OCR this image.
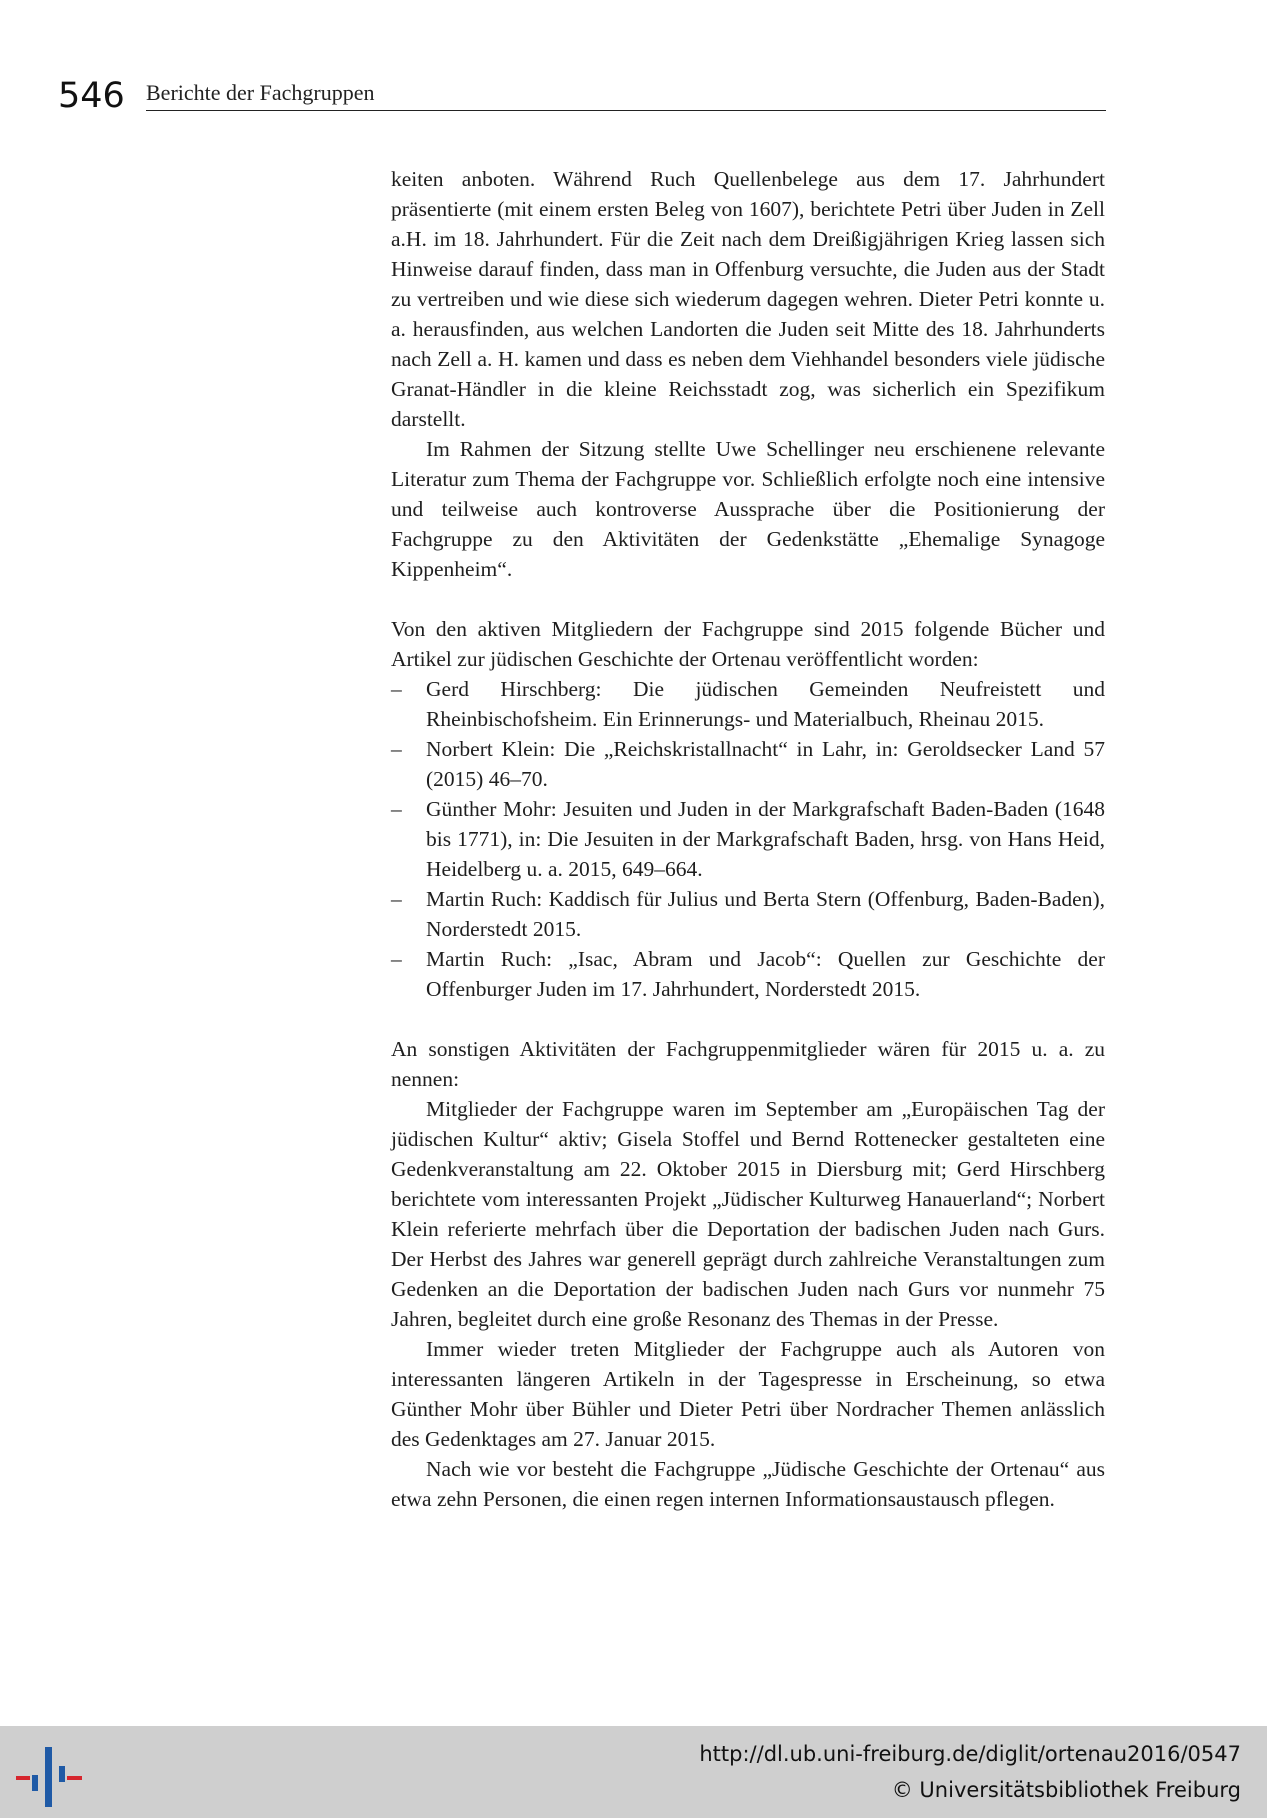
546 Berichte der Fachgruppen

keiten anboten. Während Ruch Quellenbelege aus dem 17. Jahrhundert präsentierte (mit einem ersten Beleg von 1607), berichtete Petri über Juden in Zell a.H. im 18. Jahrhundert. Für die Zeit nach dem Dreißigjährigen Krieg lassen sich Hinweise darauf finden, dass man in Offenburg versuchte, die Juden aus der Stadt zu vertreiben und wie diese sich wiederum dagegen wehren. Dieter Petri konnte u. a. herausfinden, aus welchen Landorten die Juden seit Mitte des 18. Jahrhunderts nach Zell a. H. kamen und dass es neben dem Viehhandel besonders viele jüdische Granat-Händler in die kleine Reichsstadt zog, was sicherlich ein Spezifikum darstellt.

Im Rahmen der Sitzung stellte Uwe Schellinger neu erschienene relevante Literatur zum Thema der Fachgruppe vor. Schließlich erfolgte noch eine intensive und teilweise auch kontroverse Aussprache über die Positionierung der Fachgruppe zu den Aktivitäten der Gedenkstätte „Ehemalige Synagoge Kippenheim“.

Von den aktiven Mitgliedern der Fachgruppe sind 2015 folgende Bücher und Artikel zur jüdischen Geschichte der Ortenau veröffentlicht worden:

– Gerd Hirschberg: Die jüdischen Gemeinden Neufreistett und Rheinbischofsheim. Ein Erinnerungs- und Materialbuch, Rheinau 2015.
– Norbert Klein: Die „Reichskristallnacht“ in Lahr, in: Geroldsecker Land 57 (2015) 46–70.
– Günther Mohr: Jesuiten und Juden in der Markgrafschaft Baden-Baden (1648 bis 1771), in: Die Jesuiten in der Markgrafschaft Baden, hrsg. von Hans Heid, Heidelberg u. a. 2015, 649–664.
– Martin Ruch: Kaddisch für Julius und Berta Stern (Offenburg, Baden-Baden), Norderstedt 2015.
– Martin Ruch: „Isac, Abram und Jacob“: Quellen zur Geschichte der Offenburger Juden im 17. Jahrhundert, Norderstedt 2015.

An sonstigen Aktivitäten der Fachgruppenmitglieder wären für 2015 u. a. zu nennen:

Mitglieder der Fachgruppe waren im September am „Europäischen Tag der jüdischen Kultur“ aktiv; Gisela Stoffel und Bernd Rottenecker gestalteten eine Gedenkveranstaltung am 22. Oktober 2015 in Diersburg mit; Gerd Hirschberg berichtete vom interessanten Projekt „Jüdischer Kulturweg Hanauerland“; Norbert Klein referierte mehrfach über die Deportation der badischen Juden nach Gurs. Der Herbst des Jahres war generell geprägt durch zahlreiche Veranstaltungen zum Gedenken an die Deportation der badischen Juden nach Gurs vor nunmehr 75 Jahren, begleitet durch eine große Resonanz des Themas in der Presse.

Immer wieder treten Mitglieder der Fachgruppe auch als Autoren von interessanten längeren Artikeln in der Tagespresse in Erscheinung, so etwa Günther Mohr über Bühler und Dieter Petri über Nordracher Themen anlässlich des Gedenktages am 27. Januar 2015.

Nach wie vor besteht die Fachgruppe „Jüdische Geschichte der Ortenau“ aus etwa zehn Personen, die einen regen internen Informationsaustausch pflegen.

http://dl.ub.uni-freiburg.de/diglit/ortenau2016/0547
© Universitätsbibliothek Freiburg
